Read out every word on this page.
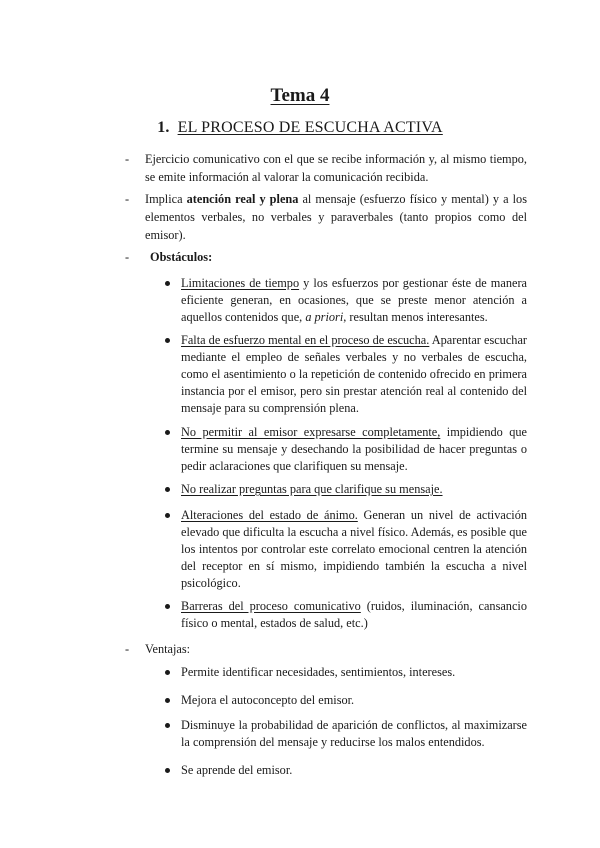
Tema 4
1. EL PROCESO DE ESCUCHA ACTIVA
- Ejercicio comunicativo con el que se recibe información y, al mismo tiempo, se emite información al valorar la comunicación recibida.
- Implica atención real y plena al mensaje (esfuerzo físico y mental) y a los elementos verbales, no verbales y paraverbales (tanto propios como del emisor).
- Obstáculos:
Limitaciones de tiempo y los esfuerzos por gestionar éste de manera eficiente generan, en ocasiones, que se preste menor atención a aquellos contenidos que, a priori, resultan menos interesantes.
Falta de esfuerzo mental en el proceso de escucha. Aparentar escuchar mediante el empleo de señales verbales y no verbales de escucha, como el asentimiento o la repetición de contenido ofrecido en primera instancia por el emisor, pero sin prestar atención real al contenido del mensaje para su comprensión plena.
No permitir al emisor expresarse completamente, impidiendo que termine su mensaje y desechando la posibilidad de hacer preguntas o pedir aclaraciones que clarifiquen su mensaje.
No realizar preguntas para que clarifique su mensaje.
Alteraciones del estado de ánimo. Generan un nivel de activación elevado que dificulta la escucha a nivel físico. Además, es posible que los intentos por controlar este correlato emocional centren la atención del receptor en sí mismo, impidiendo también la escucha a nivel psicológico.
Barreras del proceso comunicativo (ruidos, iluminación, cansancio físico o mental, estados de salud, etc.)
- Ventajas:
Permite identificar necesidades, sentimientos, intereses.
Mejora el autoconcepto del emisor.
Disminuye la probabilidad de aparición de conflictos, al maximizarse la comprensión del mensaje y reducirse los malos entendidos.
Se aprende del emisor.
